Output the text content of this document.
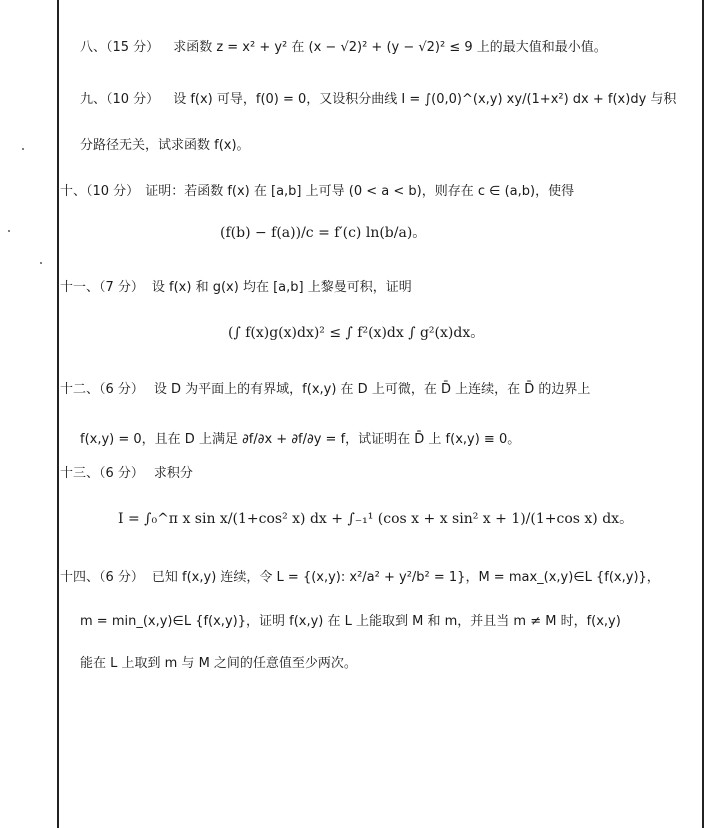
八、（15 分） 求函数 z = x² + y² 在 (x − √2)² + (y − √2)² ≤ 9 上的最大值和最小值。
九、（10 分） 设 f(x) 可导，f(0) = 0，又设积分曲线 I = ∫(0,0)^(x,y) xy/(1+x²) dx + f(x)dy 与积
分路径无关，试求函数 f(x)。
十、（10 分） 证明：若函数 f(x) 在 [a,b] 上可导 (0 < a < b)，则存在 c ∈ (a,b)，使得
(f(b) − f(a))/c = f′(c) ln(b/a)。
十一、（7 分） 设 f(x) 和 g(x) 均在 [a,b] 上黎曼可积，证明
(∫ f(x)g(x)dx)² ≤ ∫ f²(x)dx ∫ g²(x)dx。
十二、（6 分） 设 D 为平面上的有界域，f(x,y) 在 D 上可微，在 D̄ 上连续，在 D̄ 的边界上
f(x,y) = 0，且在 D 上满足 ∂f/∂x + ∂f/∂y = f，试证明在 D̄ 上 f(x,y) ≡ 0。
十三、（6 分） 求积分
I = ∫₀^π x sin x/(1+cos² x) dx + ∫₋₁¹ (cos x + x sin² x + 1)/(1+cos x) dx。
十四、（6 分） 已知 f(x,y) 连续，令 L = {(x,y): x²/a² + y²/b² = 1}，M = max_(x,y)∈L {f(x,y)}，
m = min_(x,y)∈L {f(x,y)}，证明 f(x,y) 在 L 上能取到 M 和 m，并且当 m ≠ M 时，f(x,y)
能在 L 上取到 m 与 M 之间的任意值至少两次。
